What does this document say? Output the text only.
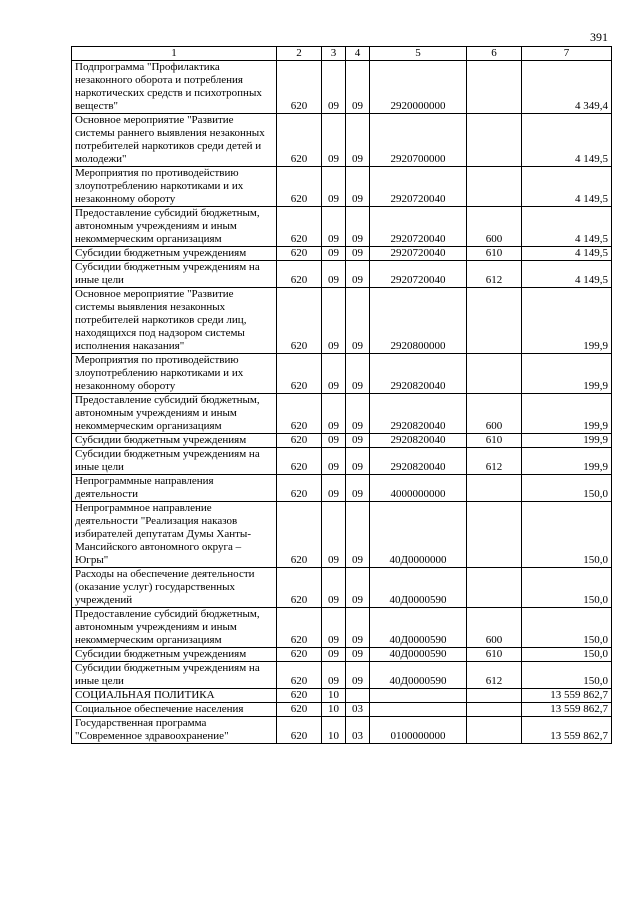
391
1	2	3	4	5	6	7
Подпрограмма "Профилактика незаконного оборота и потребления наркотических средств и психотропных веществ"	620	09	09	2920000000		4 349,4
Основное мероприятие "Развитие системы раннего выявления незаконных потребителей наркотиков среди детей и молодежи"	620	09	09	2920700000		4 149,5
Мероприятия по противодействию злоупотреблению наркотиками и их незаконному обороту	620	09	09	2920720040		4 149,5
Предоставление субсидий бюджетным, автономным учреждениям и иным некоммерческим организациям	620	09	09	2920720040	600	4 149,5
Субсидии бюджетным учреждениям	620	09	09	2920720040	610	4 149,5
Субсидии бюджетным учреждениям на иные цели	620	09	09	2920720040	612	4 149,5
Основное мероприятие "Развитие системы выявления незаконных потребителей наркотиков среди лиц, находящихся под надзором системы исполнения наказания"	620	09	09	2920800000		199,9
Мероприятия по противодействию злоупотреблению наркотиками и их незаконному обороту	620	09	09	2920820040		199,9
Предоставление субсидий бюджетным, автономным учреждениям и иным некоммерческим организациям	620	09	09	2920820040	600	199,9
Субсидии бюджетным учреждениям	620	09	09	2920820040	610	199,9
Субсидии бюджетным учреждениям на иные цели	620	09	09	2920820040	612	199,9
Непрограммные направления деятельности	620	09	09	4000000000		150,0
Непрограммное направление деятельности "Реализация наказов избирателей депутатам Думы Ханты-Мансийского автономного округа – Югры"	620	09	09	40Д0000000		150,0
Расходы на обеспечение деятельности (оказание услуг) государственных учреждений	620	09	09	40Д0000590		150,0
Предоставление субсидий бюджетным, автономным учреждениям и иным некоммерческим организациям	620	09	09	40Д0000590	600	150,0
Субсидии бюджетным учреждениям	620	09	09	40Д0000590	610	150,0
Субсидии бюджетным учреждениям на иные цели	620	09	09	40Д0000590	612	150,0
СОЦИАЛЬНАЯ ПОЛИТИКА	620	10				13 559 862,7
Социальное обеспечение населения	620	10	03			13 559 862,7
Государственная программа "Современное здравоохранение"	620	10	03	0100000000		13 559 862,7
